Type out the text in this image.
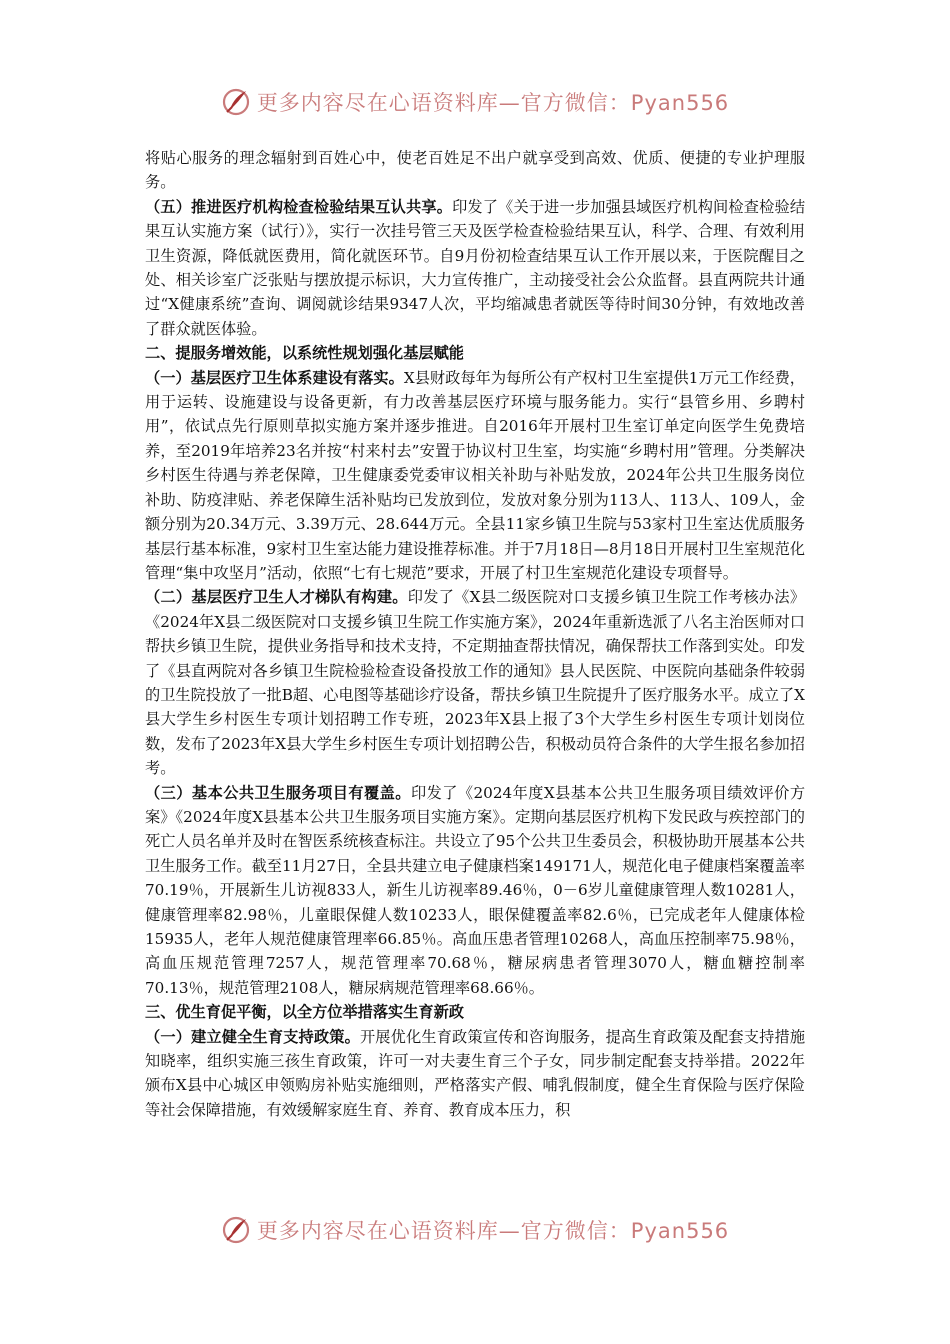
更多内容尽在心语资料库—官方微信：Pyan556

将贴心服务的理念辐射到百姓心中，使老百姓足不出户就享受到高效、优质、便捷的专业护理服务。

（五）推进医疗机构检查检验结果互认共享。印发了《关于进一步加强县域医疗机构间检查检验结果互认实施方案（试行）》，实行一次挂号管三天及医学检查检验结果互认，科学、合理、有效利用卫生资源，降低就医费用，简化就医环节。自9月份初检查结果互认工作开展以来，于医院醒目之处、相关诊室广泛张贴与摆放提示标识，大力宣传推广，主动接受社会公众监督。县直两院共计通过“X健康系统”查询、调阅就诊结果9347人次，平均缩减患者就医等待时间30分钟，有效地改善了群众就医体验。

二、提服务增效能，以系统性规划强化基层赋能

（一）基层医疗卫生体系建设有落实。X县财政每年为每所公有产权村卫生室提供1万元工作经费，用于运转、设施建设与设备更新，有力改善基层医疗环境与服务能力。实行“县管乡用、乡聘村用”，依试点先行原则草拟实施方案并逐步推进。自2016年开展村卫生室订单定向医学生免费培养，至2019年培养23名并按“村来村去”安置于协议村卫生室，均实施“乡聘村用”管理。分类解决乡村医生待遇与养老保障，卫生健康委党委审议相关补助与补贴发放，2024年公共卫生服务岗位补助、防疫津贴、养老保障生活补贴均已发放到位，发放对象分别为113人、113人、109人，金额分别为20.34万元、3.39万元、28.644万元。全县11家乡镇卫生院与53家村卫生室达优质服务基层行基本标准，9家村卫生室达能力建设推荐标准。并于7月18日—8月18日开展村卫生室规范化管理“集中攻坚月”活动，依照“七有七规范”要求，开展了村卫生室规范化建设专项督导。

（二）基层医疗卫生人才梯队有构建。印发了《X县二级医院对口支援乡镇卫生院工作考核办法》《2024年X县二级医院对口支援乡镇卫生院工作实施方案》，2024年重新选派了八名主治医师对口帮扶乡镇卫生院，提供业务指导和技术支持，不定期抽查帮扶情况，确保帮扶工作落到实处。印发了《县直两院对各乡镇卫生院检验检查设备投放工作的通知》县人民医院、中医院向基础条件较弱的卫生院投放了一批B超、心电图等基础诊疗设备，帮扶乡镇卫生院提升了医疗服务水平。成立了X县大学生乡村医生专项计划招聘工作专班，2023年X县上报了3个大学生乡村医生专项计划岗位数，发布了2023年X县大学生乡村医生专项计划招聘公告，积极动员符合条件的大学生报名参加招考。

（三）基本公共卫生服务项目有覆盖。印发了《2024年度X县基本公共卫生服务项目绩效评价方案》《2024年度X县基本公共卫生服务项目实施方案》。定期向基层医疗机构下发民政与疾控部门的死亡人员名单并及时在智医系统核查标注。共设立了95个公共卫生委员会，积极协助开展基本公共卫生服务工作。截至11月27日，全县共建立电子健康档案149171人，规范化电子健康档案覆盖率70.19％，开展新生儿访视833人，新生儿访视率89.46％，0－6岁儿童健康管理人数10281人，健康管理率82.98％，儿童眼保健人数10233人，眼保健覆盖率82.6％，已完成老年人健康体检15935人，老年人规范健康管理率66.85％。高血压患者管理10268人，高血压控制率75.98％，高血压规范管理7257人，规范管理率70.68％，糖尿病患者管理3070人，糖血糖控制率70.13％，规范管理2108人，糖尿病规范管理率68.66％。

三、优生育促平衡，以全方位举措落实生育新政

（一）建立健全生育支持政策。开展优化生育政策宣传和咨询服务，提高生育政策及配套支持措施知晓率，组织实施三孩生育政策，许可一对夫妻生育三个子女，同步制定配套支持举措。2022年颁布X县中心城区申领购房补贴实施细则，严格落实产假、哺乳假制度，健全生育保险与医疗保险等社会保障措施，有效缓解家庭生育、养育、教育成本压力，积

更多内容尽在心语资料库—官方微信：Pyan556
